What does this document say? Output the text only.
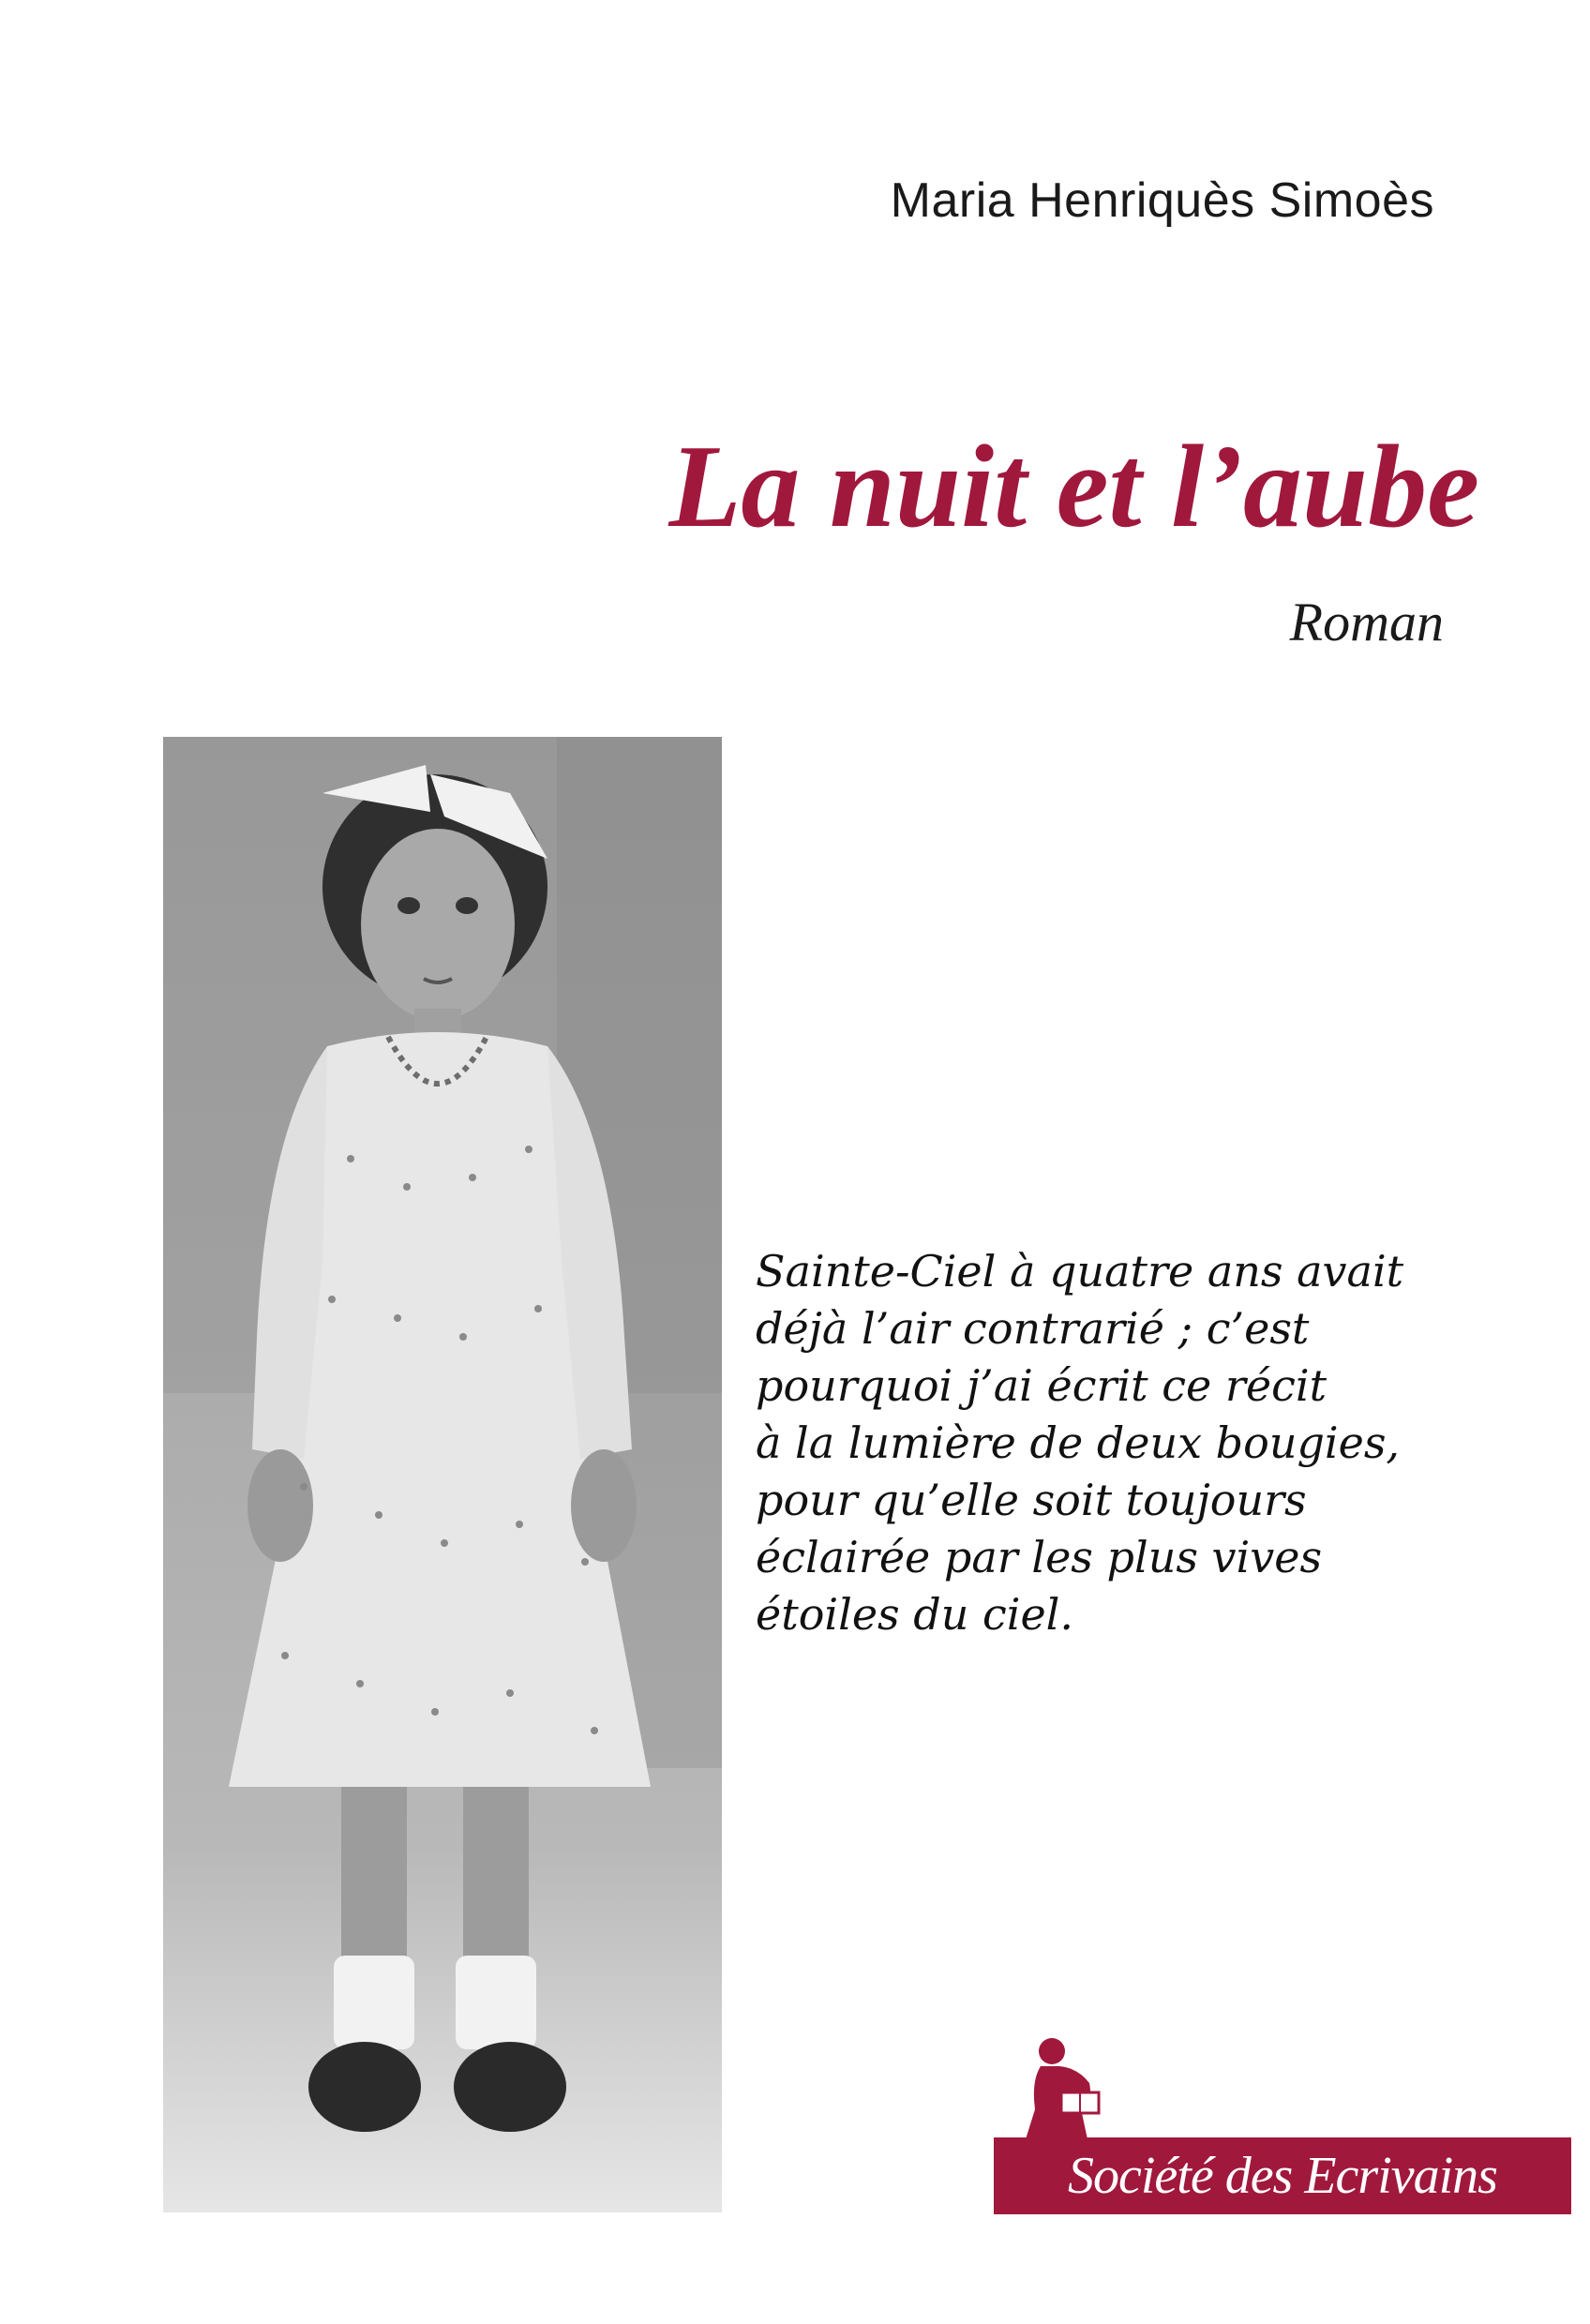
Maria Henriquès Simoès
La nuit et l’aube
Roman
Sainte-Ciel à quatre ans avait
déjà l’air contrarié ; c’est
pourquoi j’ai écrit ce récit
à la lumière de deux bougies,
pour qu’elle soit toujours
éclairée par les plus vives
étoiles du ciel.
Société des Ecrivains
